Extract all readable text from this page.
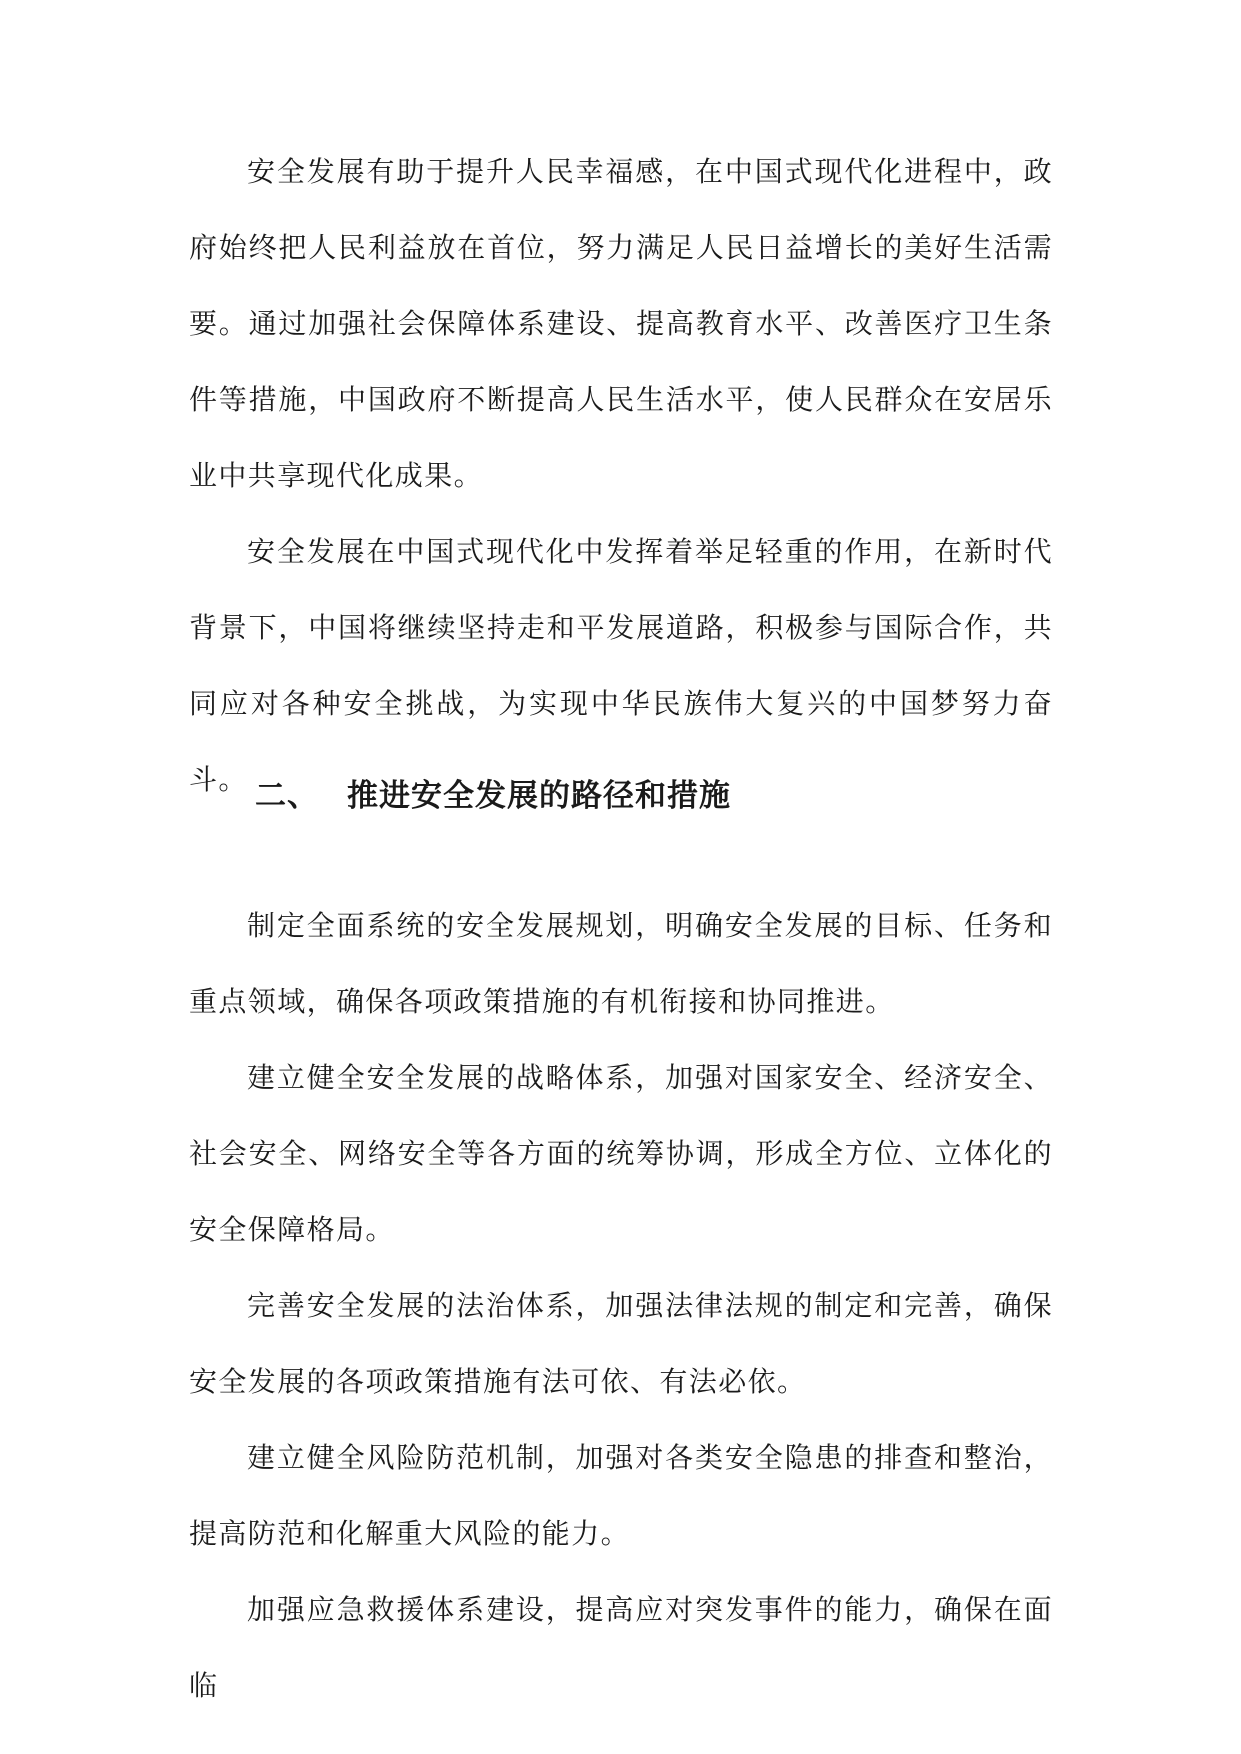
安全发展有助于提升人民幸福感，在中国式现代化进程中，政府始终把人民利益放在首位，努力满足人民日益增长的美好生活需要。通过加强社会保障体系建设、提高教育水平、改善医疗卫生条件等措施，中国政府不断提高人民生活水平，使人民群众在安居乐业中共享现代化成果。

安全发展在中国式现代化中发挥着举足轻重的作用，在新时代背景下，中国将继续坚持走和平发展道路，积极参与国际合作，共同应对各种安全挑战，为实现中华民族伟大复兴的中国梦努力奋斗。 二、 推进安全发展的路径和措施

制定全面系统的安全发展规划，明确安全发展的目标、任务和重点领域，确保各项政策措施的有机衔接和协同推进。

建立健全安全发展的战略体系，加强对国家安全、经济安全、社会安全、网络安全等各方面的统筹协调，形成全方位、立体化的安全保障格局。

完善安全发展的法治体系，加强法律法规的制定和完善，确保安全发展的各项政策措施有法可依、有法必依。

建立健全风险防范机制，加强对各类安全隐患的排查和整治，提高防范和化解重大风险的能力。

加强应急救援体系建设，提高应对突发事件的能力，确保在面临
